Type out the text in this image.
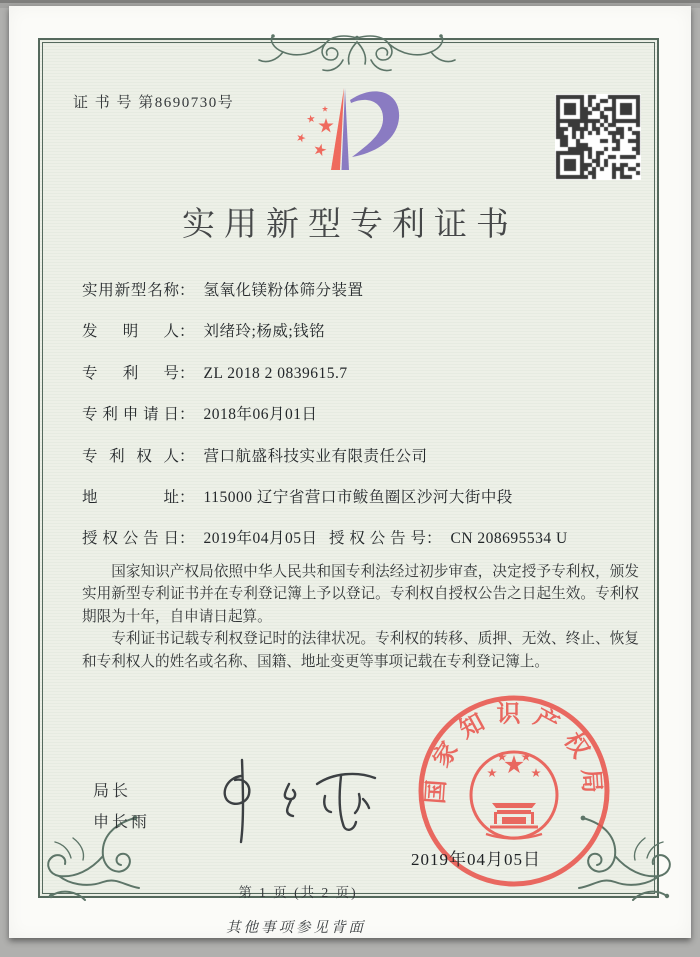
证 书 号 第8690730号
实用新型专利证书
实用新型名称： 氢氧化镁粉体筛分装置
发明人： 刘绪玲;杨威;钱铭
专利号： ZL 2018 2 0839615.7
专利申请日： 2018年06月01日
专利权人： 营口航盛科技实业有限责任公司
地址： 115000 辽宁省营口市鲅鱼圈区沙河大街中段
授权公告日： 2019年04月05日 授权公告号： CN 208695534 U

国家知识产权局依照中华人民共和国专利法经过初步审查，决定授予专利权，颁发实用新型专利证书并在专利登记簿上予以登记。专利权自授权公告之日起生效。专利权期限为十年，自申请日起算。

专利证书记载专利权登记时的法律状况。专利权的转移、质押、无效、终止、恢复和专利权人的姓名或名称、国籍、地址变更等事项记载在专利登记簿上。

局长
申长雨
国家知识产权局
2019年04月05日
第 1 页 (共 2 页)
其他事项参见背面
